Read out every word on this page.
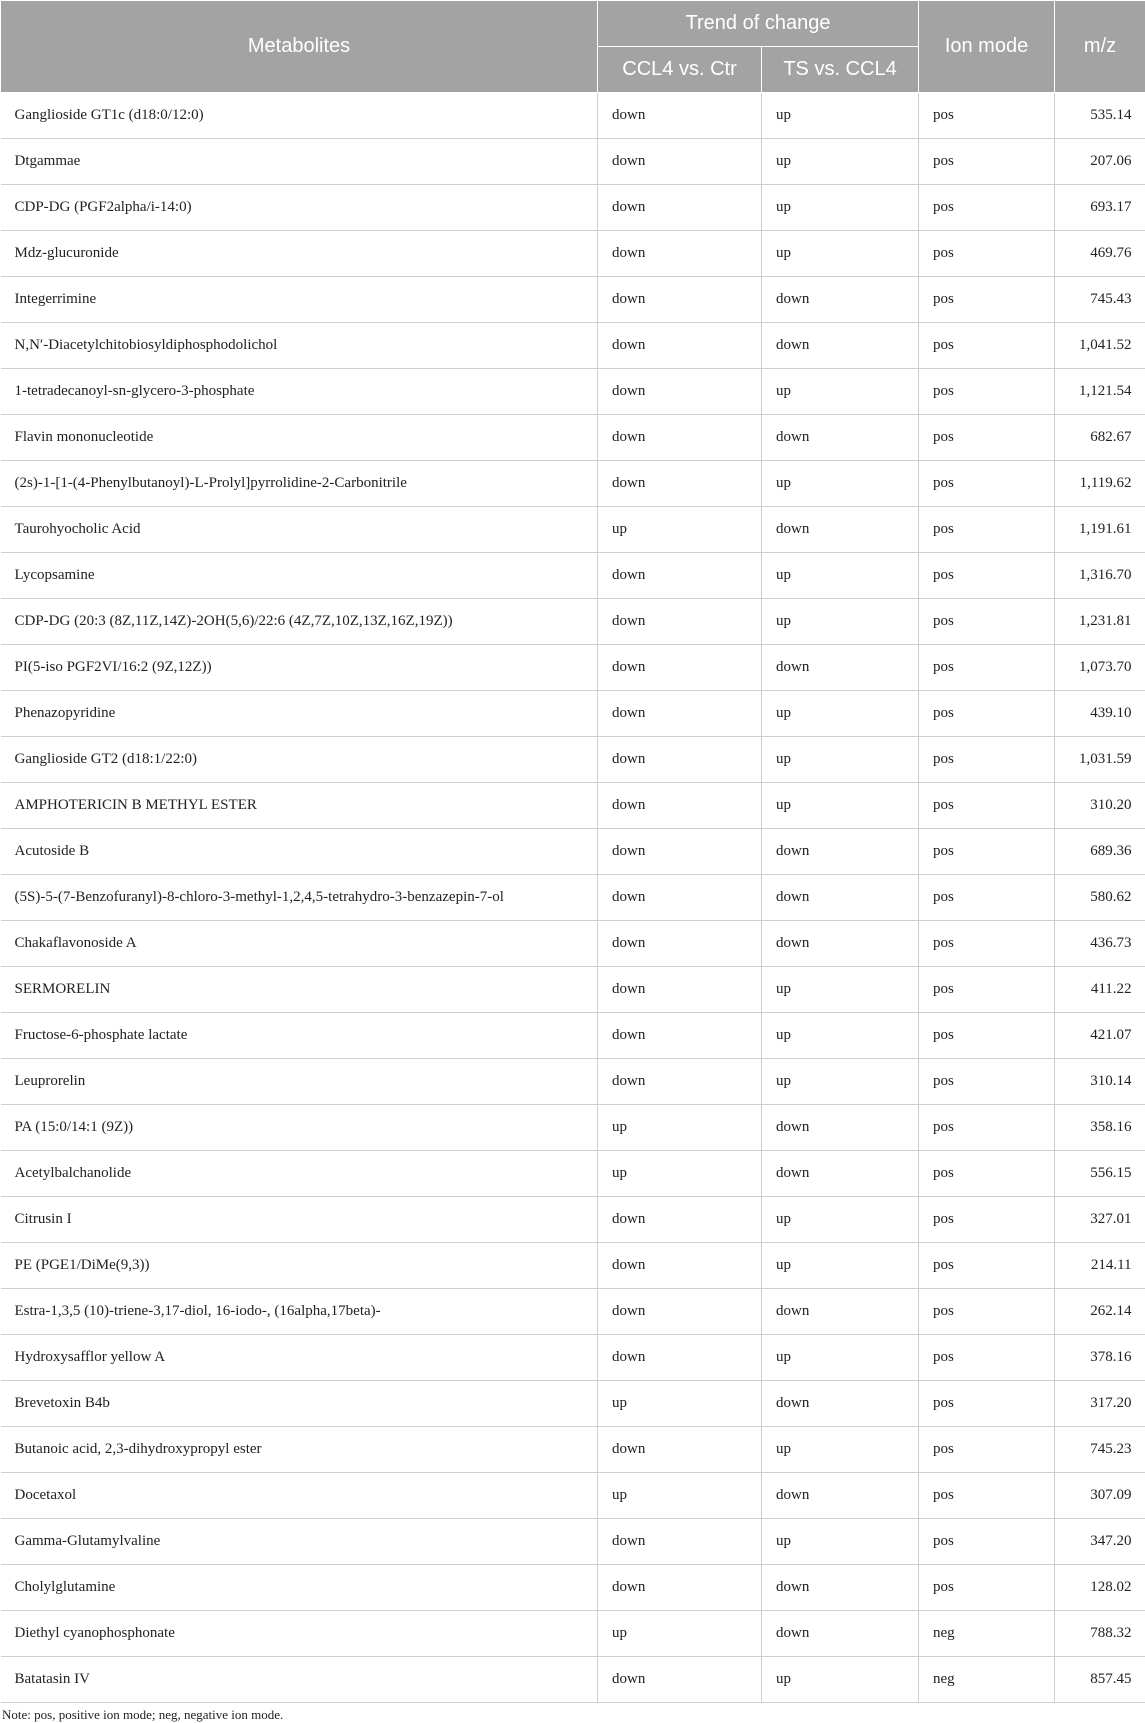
Metabolites	Trend of change		Ion mode	m/z
	CCL4 vs. Ctr	TS vs. CCL4		
Ganglioside GT1c (d18:0/12:0)	down	up	pos	535.14
Dtgammae	down	up	pos	207.06
CDP-DG (PGF2alpha/i-14:0)	down	up	pos	693.17
Mdz-glucuronide	down	up	pos	469.76
Integerrimine	down	down	pos	745.43
N,N′-Diacetylchitobiosyldiphosphodolichol	down	down	pos	1,041.52
1-tetradecanoyl-sn-glycero-3-phosphate	down	up	pos	1,121.54
Flavin mononucleotide	down	down	pos	682.67
(2s)-1-[1-(4-Phenylbutanoyl)-L-Prolyl]pyrrolidine-2-Carbonitrile	down	up	pos	1,119.62
Taurohyocholic Acid	up	down	pos	1,191.61
Lycopsamine	down	up	pos	1,316.70
CDP-DG (20:3 (8Z,11Z,14Z)-2OH(5,6)/22:6 (4Z,7Z,10Z,13Z,16Z,19Z))	down	up	pos	1,231.81
PI(5-iso PGF2VI/16:2 (9Z,12Z))	down	down	pos	1,073.70
Phenazopyridine	down	up	pos	439.10
Ganglioside GT2 (d18:1/22:0)	down	up	pos	1,031.59
AMPHOTERICIN B METHYL ESTER	down	up	pos	310.20
Acutoside B	down	down	pos	689.36
(5S)-5-(7-Benzofuranyl)-8-chloro-3-methyl-1,2,4,5-tetrahydro-3-benzazepin-7-ol	down	down	pos	580.62
Chakaflavonoside A	down	down	pos	436.73
SERMORELIN	down	up	pos	411.22
Fructose-6-phosphate lactate	down	up	pos	421.07
Leuprorelin	down	up	pos	310.14
PA (15:0/14:1 (9Z))	up	down	pos	358.16
Acetylbalchanolide	up	down	pos	556.15
Citrusin I	down	up	pos	327.01
PE (PGE1/DiMe(9,3))	down	up	pos	214.11
Estra-1,3,5 (10)-triene-3,17-diol, 16-iodo-, (16alpha,17beta)-	down	down	pos	262.14
Hydroxysafflor yellow A	down	up	pos	378.16
Brevetoxin B4b	up	down	pos	317.20
Butanoic acid, 2,3-dihydroxypropyl ester	down	up	pos	745.23
Docetaxol	up	down	pos	307.09
Gamma-Glutamylvaline	down	up	pos	347.20
Cholylglutamine	down	down	pos	128.02
Diethyl cyanophosphonate	up	down	neg	788.32
Batatasin IV	down	up	neg	857.45
Note: pos, positive ion mode; neg, negative ion mode.
